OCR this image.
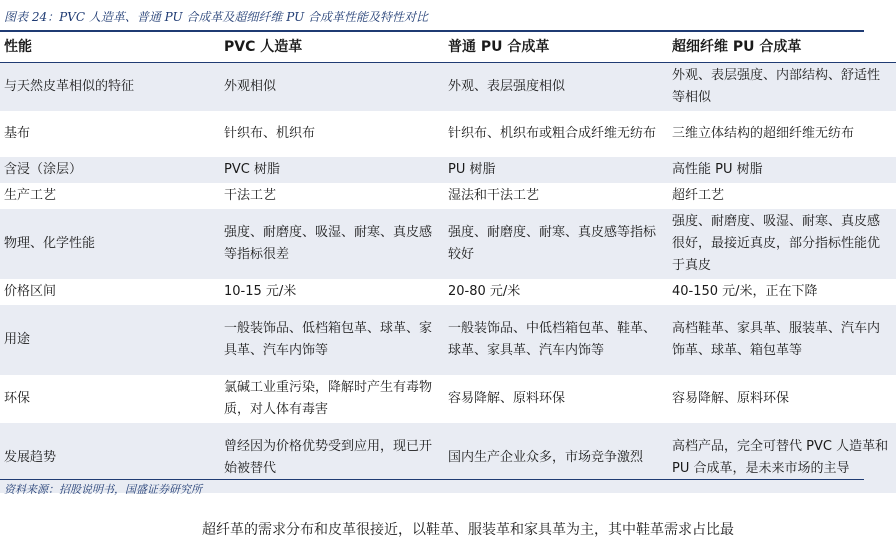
图表 24：PVC 人造革、普通 PU 合成革及超细纤维 PU 合成革性能及特性对比
性能	PVC 人造革	普通 PU 合成革	超细纤维 PU 合成革
与天然皮革相似的特征	外观相似	外观、表层强度相似	外观、表层强度、内部结构、舒适性等相似
基布	针织布、机织布	针织布、机织布或粗合成纤维无纺布	三维立体结构的超细纤维无纺布
含浸（涂层）	PVC 树脂	PU 树脂	高性能 PU 树脂
生产工艺	干法工艺	湿法和干法工艺	超纤工艺
物理、化学性能	强度、耐磨度、吸湿、耐寒、真皮感等指标很差	强度、耐磨度、耐寒、真皮感等指标较好	强度、耐磨度、吸湿、耐寒、真皮感很好，最接近真皮，部分指标性能优于真皮
价格区间	10-15 元/米	20-80 元/米	40-150 元/米，正在下降
用途	一般装饰品、低档箱包革、球革、家具革、汽车内饰等	一般装饰品、中低档箱包革、鞋革、球革、家具革、汽车内饰等	高档鞋革、家具革、服装革、汽车内饰革、球革、箱包革等
环保	氯碱工业重污染，降解时产生有毒物质，对人体有毒害	容易降解、原料环保	容易降解、原料环保
发展趋势	曾经因为价格优势受到应用，现已开始被替代	国内生产企业众多，市场竞争激烈	高档产品，完全可替代 PVC 人造革和 PU 合成革，是未来市场的主导
资料来源：招股说明书，国盛证券研究所
超纤革的需求分布和皮革很接近，以鞋革、服装革和家具革为主，其中鞋革需求占比最
